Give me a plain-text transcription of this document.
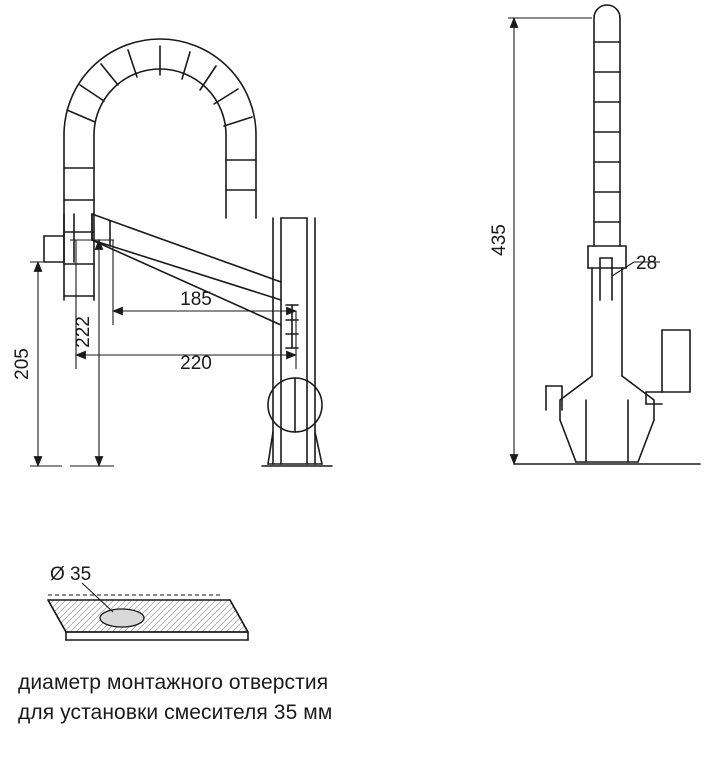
205
222
185
220
435
28
Ø 35
диаметр монтажного отверстия
для установки смесителя 35 мм
